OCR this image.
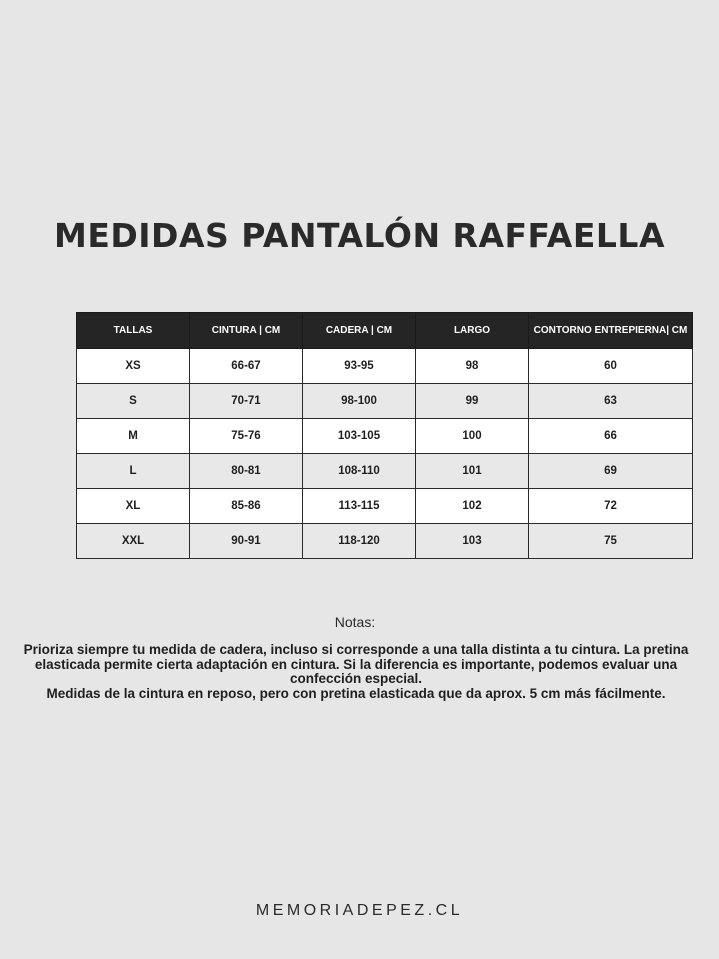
MEDIDAS PANTALÓN RAFFAELLA
TALLAS	CINTURA | CM	CADERA | CM	LARGO	CONTORNO ENTREPIERNA| CM
XS	66-67	93-95	98	60
S	70-71	98-100	99	63
M	75-76	103-105	100	66
L	80-81	108-110	101	69
XL	85-86	113-115	102	72
XXL	90-91	118-120	103	75
Notas:

Prioriza siempre tu medida de cadera, incluso si corresponde a una talla distinta a tu cintura. La pretina elasticada permite cierta adaptación en cintura. Si la diferencia es importante, podemos evaluar una confección especial.

Medidas de la cintura en reposo, pero con pretina elasticada que da aprox. 5 cm más fácilmente.

MEMORIADEPEZ.CL
